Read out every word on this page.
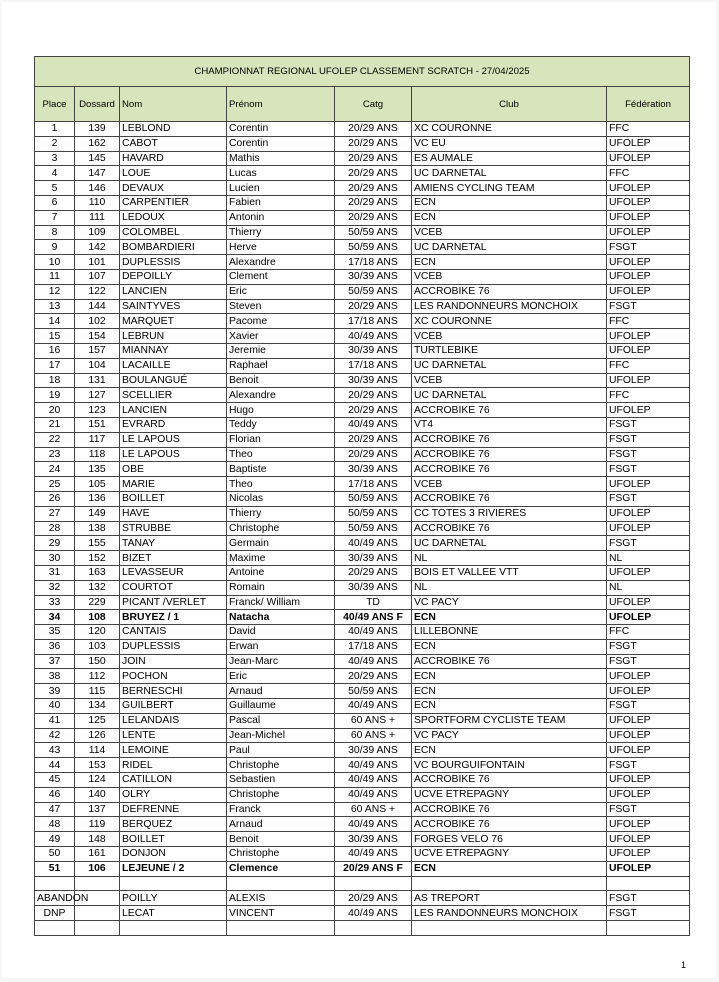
CHAMPIONNAT REGIONAL UFOLEP CLASSEMENT SCRATCH - 27/04/2025						
Place	Dossard	Nom	Prénom	Catg	Club	Fédération
1	139	LEBLOND	Corentin	20/29 ANS	XC COURONNE	FFC
2	162	CABOT	Corentin	20/29 ANS	VC EU	UFOLEP
3	145	HAVARD	Mathis	20/29 ANS	ES AUMALE	UFOLEP
4	147	LOUE	Lucas	20/29 ANS	UC DARNETAL	FFC
5	146	DEVAUX	Lucien	20/29 ANS	AMIENS CYCLING TEAM	UFOLEP
6	110	CARPENTIER	Fabien	20/29 ANS	ECN	UFOLEP
7	111	LEDOUX	Antonin	20/29 ANS	ECN	UFOLEP
8	109	COLOMBEL	Thierry	50/59 ANS	VCEB	UFOLEP
9	142	BOMBARDIERI	Herve	50/59 ANS	UC DARNETAL	FSGT
10	101	DUPLESSIS	Alexandre	17/18 ANS	ECN	UFOLEP
11	107	DEPOILLY	Clement	30/39 ANS	VCEB	UFOLEP
12	122	LANCIEN	Eric	50/59 ANS	ACCROBIKE 76	UFOLEP
13	144	SAINTYVES	Steven	20/29 ANS	LES RANDONNEURS MONCHOIX	FSGT
14	102	MARQUET	Pacome	17/18 ANS	XC COURONNE	FFC
15	154	LEBRUN	Xavier	40/49 ANS	VCEB	UFOLEP
16	157	MIANNAY	Jeremie	30/39 ANS	TURTLEBIKE	UFOLEP
17	104	LACAILLE	Raphael	17/18 ANS	UC DARNETAL	FFC
18	131	BOULANGUÉ	Benoit	30/39 ANS	VCEB	UFOLEP
19	127	SCELLIER	Alexandre	20/29 ANS	UC DARNETAL	FFC
20	123	LANCIEN	Hugo	20/29 ANS	ACCROBIKE 76	UFOLEP
21	151	EVRARD	Teddy	40/49 ANS	VT4	FSGT
22	117	LE LAPOUS	Florian	20/29 ANS	ACCROBIKE 76	FSGT
23	118	LE LAPOUS	Theo	20/29 ANS	ACCROBIKE 76	FSGT
24	135	OBE	Baptiste	30/39 ANS	ACCROBIKE 76	FSGT
25	105	MARIE	Theo	17/18 ANS	VCEB	UFOLEP
26	136	BOILLET	Nicolas	50/59 ANS	ACCROBIKE 76	FSGT
27	149	HAVE	Thierry	50/59 ANS	CC TOTES 3 RIVIERES	UFOLEP
28	138	STRUBBE	Christophe	50/59 ANS	ACCROBIKE 76	UFOLEP
29	155	TANAY	Germain	40/49 ANS	UC DARNETAL	FSGT
30	152	BIZET	Maxime	30/39 ANS	NL	NL
31	163	LEVASSEUR	Antoine	20/29 ANS	BOIS ET VALLEE VTT	UFOLEP
32	132	COURTOT	Romain	30/39 ANS	NL	NL
33	229	PICANT /VERLET	Franck/ William	TD	VC PACY	UFOLEP
34	108	BRUYEZ / 1	Natacha	40/49 ANS F	ECN	UFOLEP
35	120	CANTAIS	David	40/49 ANS	LILLEBONNE	FFC
36	103	DUPLESSIS	Erwan	17/18 ANS	ECN	FSGT
37	150	JOIN	Jean-Marc	40/49 ANS	ACCROBIKE 76	FSGT
38	112	POCHON	Eric	20/29 ANS	ECN	UFOLEP
39	115	BERNESCHI	Arnaud	50/59 ANS	ECN	UFOLEP
40	134	GUILBERT	Guillaume	40/49 ANS	ECN	FSGT
41	125	LELANDAIS	Pascal	60 ANS +	SPORTFORM CYCLISTE TEAM	UFOLEP
42	126	LENTE	Jean-Michel	60 ANS +	VC PACY	UFOLEP
43	114	LEMOINE	Paul	30/39 ANS	ECN	UFOLEP
44	153	RIDEL	Christophe	40/49 ANS	VC BOURGUIFONTAIN	FSGT
45	124	CATILLON	Sebastien	40/49 ANS	ACCROBIKE 76	UFOLEP
46	140	OLRY	Christophe	40/49 ANS	UCVE ETREPAGNY	UFOLEP
47	137	DEFRENNE	Franck	60 ANS +	ACCROBIKE 76	FSGT
48	119	BERQUEZ	Arnaud	40/49 ANS	ACCROBIKE 76	UFOLEP
49	148	BOILLET	Benoit	30/39 ANS	FORGES VELO 76	UFOLEP
50	161	DONJON	Christophe	40/49 ANS	UCVE ETREPAGNY	UFOLEP
51	106	LEJEUNE / 2	Clemence	20/29 ANS F	ECN	UFOLEP

ABANDON		POILLY	ALEXIS	20/29 ANS	AS TREPORT	FSGT
DNP		LECAT	VINCENT	40/49 ANS	LES RANDONNEURS MONCHOIX	FSGT

1
